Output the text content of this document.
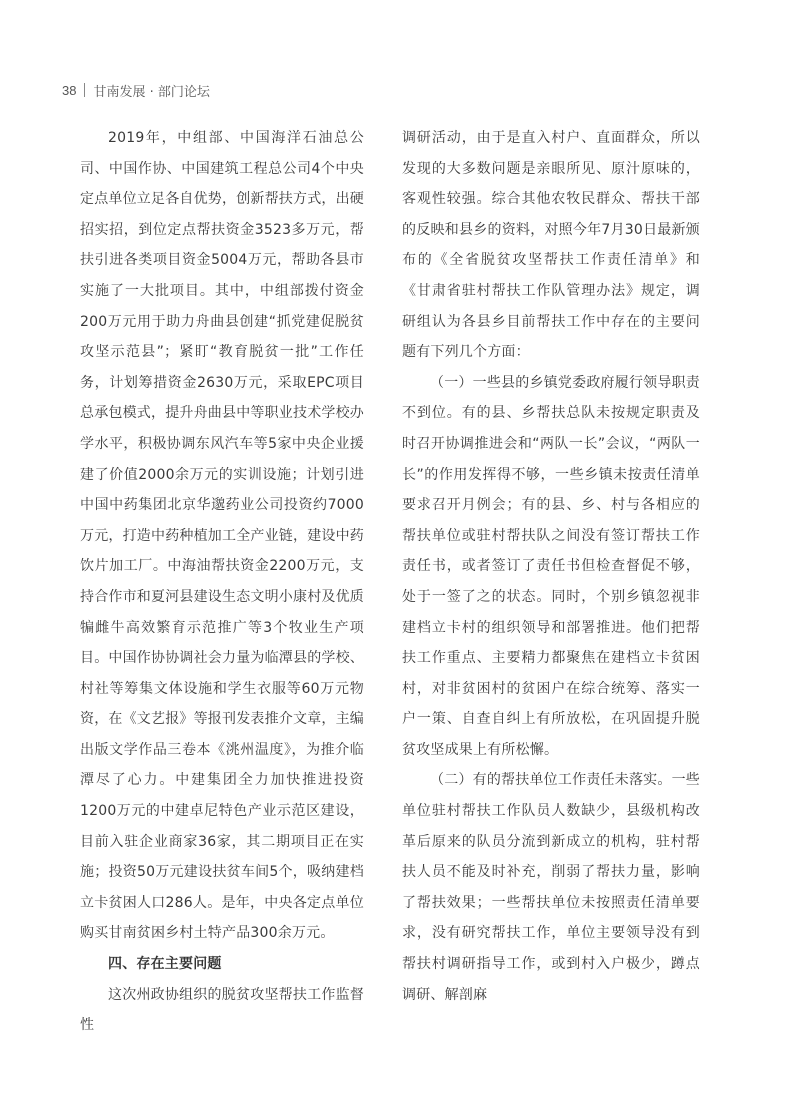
38 甘南发展 · 部门论坛

2019年，中组部、中国海洋石油总公司、中国作协、中国建筑工程总公司4个中央定点单位立足各自优势，创新帮扶方式，出硬招实招，到位定点帮扶资金3523多万元，帮扶引进各类项目资金5004万元，帮助各县市实施了一大批项目。其中，中组部拨付资金200万元用于助力舟曲县创建“抓党建促脱贫攻坚示范县”；紧盯“教育脱贫一批”工作任务，计划筹措资金2630万元，采取EPC项目总承包模式，提升舟曲县中等职业技术学校办学水平，积极协调东风汽车等5家中央企业援建了价值2000余万元的实训设施；计划引进中国中药集团北京华邈药业公司投资约7000万元，打造中药种植加工全产业链，建设中药饮片加工厂。中海油帮扶资金2200万元，支持合作市和夏河县建设生态文明小康村及优质犏雌牛高效繁育示范推广等3个牧业生产项目。中国作协协调社会力量为临潭县的学校、村社等筹集文体设施和学生衣服等60万元物资，在《文艺报》等报刊发表推介文章，主编出版文学作品三卷本《洮州温度》，为推介临潭尽了心力。中建集团全力加快推进投资1200万元的中建卓尼特色产业示范区建设，目前入驻企业商家36家，其二期项目正在实施；投资50万元建设扶贫车间5个，吸纳建档立卡贫困人口286人。是年，中央各定点单位购买甘南贫困乡村土特产品300余万元。

四、存在主要问题

这次州政协组织的脱贫攻坚帮扶工作监督性

调研活动，由于是直入村户、直面群众，所以发现的大多数问题是亲眼所见、原汁原味的，客观性较强。综合其他农牧民群众、帮扶干部的反映和县乡的资料，对照今年7月30日最新颁布的《全省脱贫攻坚帮扶工作责任清单》和《甘肃省驻村帮扶工作队管理办法》规定，调研组认为各县乡目前帮扶工作中存在的主要问题有下列几个方面：

（一）一些县的乡镇党委政府履行领导职责不到位。有的县、乡帮扶总队未按规定职责及时召开协调推进会和“两队一长”会议，“两队一长”的作用发挥得不够，一些乡镇未按责任清单要求召开月例会；有的县、乡、村与各相应的帮扶单位或驻村帮扶队之间没有签订帮扶工作责任书，或者签订了责任书但检查督促不够，处于一签了之的状态。同时，个别乡镇忽视非建档立卡村的组织领导和部署推进。他们把帮扶工作重点、主要精力都聚焦在建档立卡贫困村，对非贫困村的贫困户在综合统筹、落实一户一策、自查自纠上有所放松，在巩固提升脱贫攻坚成果上有所松懈。

（二）有的帮扶单位工作责任未落实。一些单位驻村帮扶工作队员人数缺少，县级机构改革后原来的队员分流到新成立的机构，驻村帮扶人员不能及时补充，削弱了帮扶力量，影响了帮扶效果；一些帮扶单位未按照责任清单要求，没有研究帮扶工作，单位主要领导没有到帮扶村调研指导工作，或到村入户极少，蹲点调研、解剖麻
